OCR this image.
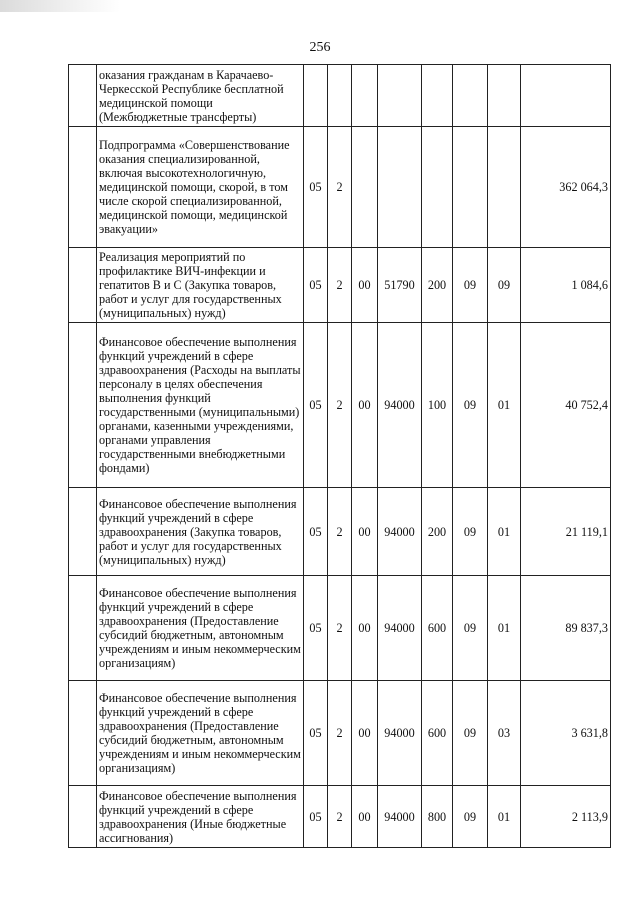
256
	оказания гражданам в Карачаево-Черкесской Республике бесплатной медицинской помощи (Межбюджетные трансферты)								
	Подпрограмма «Совершенствование оказания специализированной, включая высокотехнологичную, медицинской помощи, скорой, в том числе скорой специализированной, медицинской помощи, медицинской эвакуации»	05	2						362 064,3
	Реализация мероприятий по профилактике ВИЧ-инфекции и гепатитов В и С (Закупка товаров, работ и услуг для государственных (муниципальных) нужд)	05	2	00	51790	200	09	09	1 084,6
	Финансовое обеспечение выполнения функций учреждений в сфере здравоохранения (Расходы на выплаты персоналу в целях обеспечения выполнения функций государственными (муниципальными) органами, казенными учреждениями, органами управления государственными внебюджетными фондами)	05	2	00	94000	100	09	01	40 752,4
	Финансовое обеспечение выполнения функций учреждений в сфере здравоохранения (Закупка товаров, работ и услуг для государственных (муниципальных) нужд)	05	2	00	94000	200	09	01	21 119,1
	Финансовое обеспечение выполнения функций учреждений в сфере здравоохранения (Предоставление субсидий бюджетным, автономным учреждениям и иным некоммерческим организациям)	05	2	00	94000	600	09	01	89 837,3
	Финансовое обеспечение выполнения функций учреждений в сфере здравоохранения (Предоставление субсидий бюджетным, автономным учреждениям и иным некоммерческим организациям)	05	2	00	94000	600	09	03	3 631,8
	Финансовое обеспечение выполнения функций учреждений в сфере здравоохранения (Иные бюджетные ассигнования)	05	2	00	94000	800	09	01	2 113,9
